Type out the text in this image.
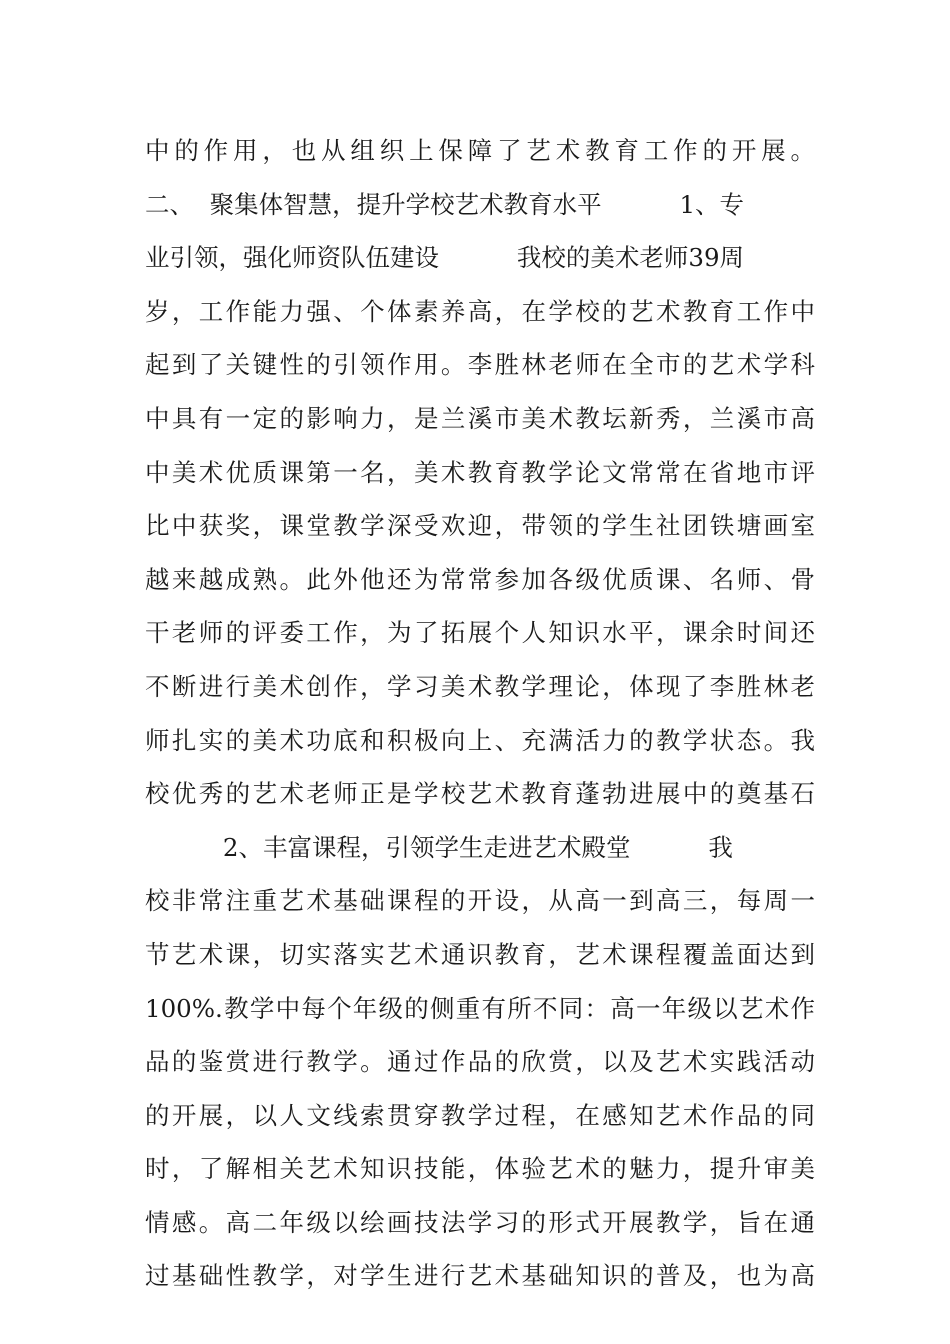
中的作用，也从组织上保障了艺术教育工作的开展。
二、  聚集体智慧，提升学校艺术教育水平          1、专
业引领，强化师资队伍建设          我校的美术老师39周
岁，工作能力强、个体素养高，在学校的艺术教育工作中
起到了关键性的引领作用。李胜林老师在全市的艺术学科
中具有一定的影响力，是兰溪市美术教坛新秀，兰溪市高
中美术优质课第一名，美术教育教学论文常常在省地市评
比中获奖，课堂教学深受欢迎，带领的学生社团铁塘画室
越来越成熟。此外他还为常常参加各级优质课、名师、骨
干老师的评委工作，为了拓展个人知识水平，课余时间还
不断进行美术创作，学习美术教学理论，体现了李胜林老
师扎实的美术功底和积极向上、充满活力的教学状态。我
校优秀的艺术老师正是学校艺术教育蓬勃进展中的奠基石
2、丰富课程，引领学生走进艺术殿堂          我
校非常注重艺术基础课程的开设，从高一到高三，每周一
节艺术课，切实落实艺术通识教育，艺术课程覆盖面达到
100%.教学中每个年级的侧重有所不同：高一年级以艺术作
品的鉴赏进行教学。通过作品的欣赏，以及艺术实践活动
的开展，以人文线索贯穿教学过程，在感知艺术作品的同
时，了解相关艺术知识技能，体验艺术的魅力，提升审美
情感。高二年级以绘画技法学习的形式开展教学，旨在通
过基础性教学，对学生进行艺术基础知识的普及，也为高
